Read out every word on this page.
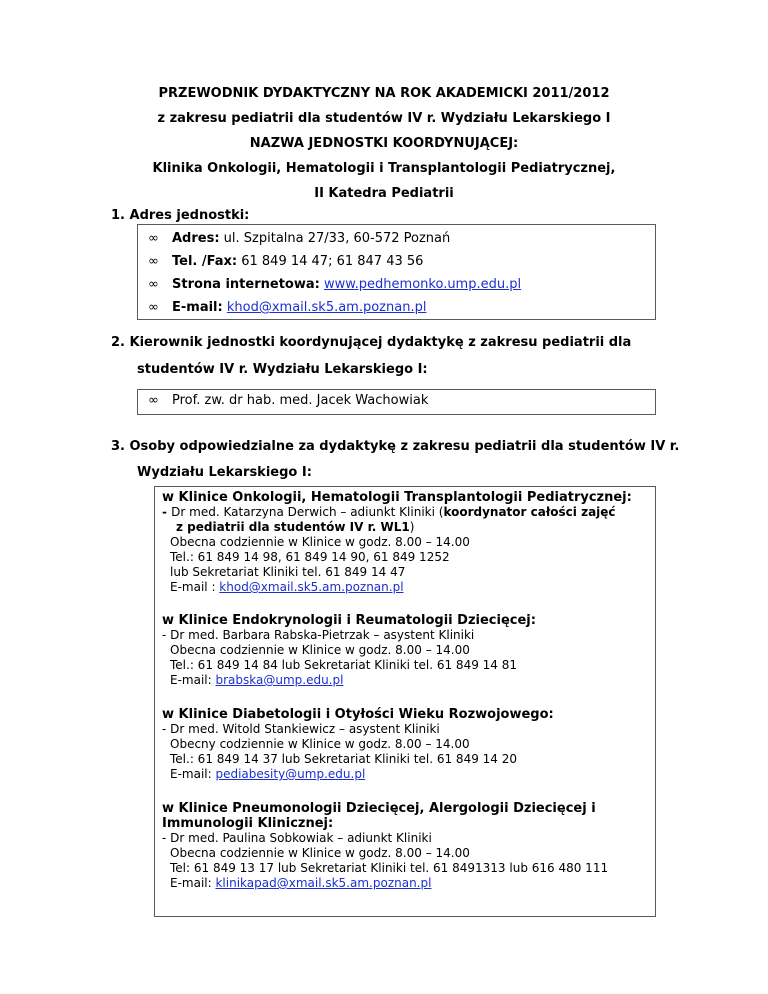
PRZEWODNIK DYDAKTYCZNY NA ROK AKADEMICKI 2011/2012
z zakresu pediatrii dla studentów IV r. Wydziału Lekarskiego I
NAZWA JEDNOSTKI KOORDYNUJĄCEJ:
Klinika Onkologii, Hematologii i Transplantologii Pediatrycznej,
II Katedra Pediatrii
1. Adres jednostki:
∞ Adres: ul. Szpitalna 27/33, 60-572 Poznań
∞ Tel. /Fax: 61 849 14 47; 61 847 43 56
∞ Strona internetowa: www.pedhemonko.ump.edu.pl
∞ E-mail: khod@xmail.sk5.am.poznan.pl
2. Kierownik jednostki koordynującej dydaktykę z zakresu pediatrii dla
studentów IV r. Wydziału Lekarskiego I:
∞ Prof. zw. dr hab. med. Jacek Wachowiak
3. Osoby odpowiedzialne za dydaktykę z zakresu pediatrii dla studentów IV r.
Wydziału Lekarskiego I:
w Klinice Onkologii, Hematologii Transplantologii Pediatrycznej:
- Dr med. Katarzyna Derwich – adiunkt Kliniki (koordynator całości zajęć
z pediatrii dla studentów IV r. WL1)
Obecna codziennie w Klinice w godz. 8.00 – 14.00
Tel.: 61 849 14 98, 61 849 14 90, 61 849 1252
lub Sekretariat Kliniki tel. 61 849 14 47
E-mail : khod@xmail.sk5.am.poznan.pl
w Klinice Endokrynologii i Reumatologii Dziecięcej:
- Dr med. Barbara Rabska-Pietrzak – asystent Kliniki
Obecna codziennie w Klinice w godz. 8.00 – 14.00
Tel.: 61 849 14 84 lub Sekretariat Kliniki tel. 61 849 14 81
E-mail: brabska@ump.edu.pl
w Klinice Diabetologii i Otyłości Wieku Rozwojowego:
- Dr med. Witold Stankiewicz – asystent Kliniki
Obecny codziennie w Klinice w godz. 8.00 – 14.00
Tel.: 61 849 14 37 lub Sekretariat Kliniki tel. 61 849 14 20
E-mail: pediabesity@ump.edu.pl
w Klinice Pneumonologii Dziecięcej, Alergologii Dziecięcej i
Immunologii Klinicznej:
- Dr med. Paulina Sobkowiak – adiunkt Kliniki
Obecna codziennie w Klinice w godz. 8.00 – 14.00
Tel: 61 849 13 17 lub Sekretariat Kliniki tel. 61 8491313 lub 616 480 111
E-mail: klinikapad@xmail.sk5.am.poznan.pl
